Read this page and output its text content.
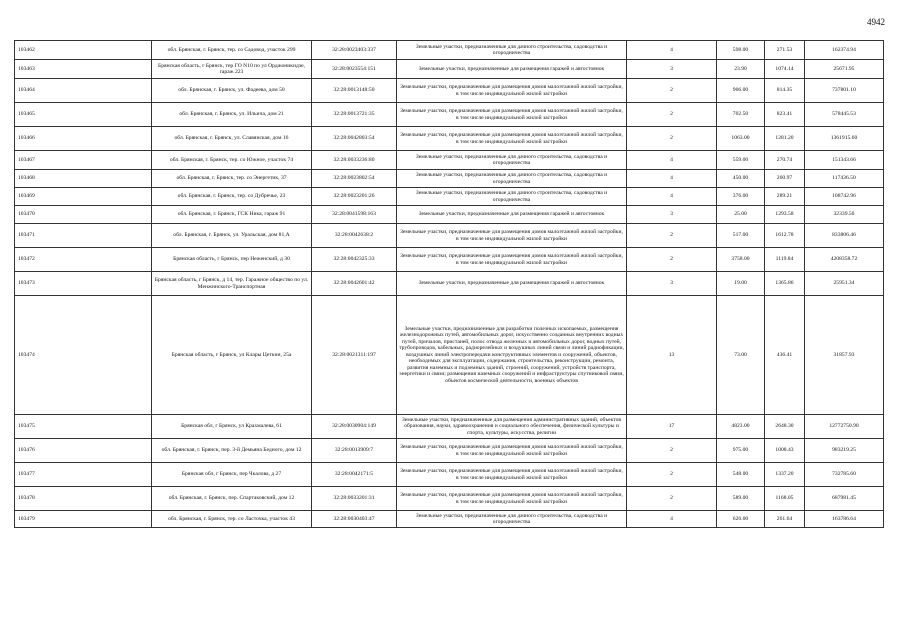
4942
103462	обл. Брянская, г. Брянск, тер. со Садовод, участок 299	32:28:0023403:337	Земельные участки, предназначенные для дачного строительства, садоводства и огородничества	4	598.00	271.53	162374.94
103463	Брянская область, г Брянск, тер ГО N10 по ул Орджоникидзе, гараж 223	32:28:0023554:151	Земельные участки, предназначенные для размещения гаражей и автостоянок	3	23.90	1074.14	25671.95
103464	обл. Брянская, г. Брянск, ул. Фадеева, дом 50	32:28:0013148:50	Земельные участки, предназначенные для размещения домов малоэтажной жилой застройки, в том числе индивидуальной жилой застройки	2	906.00	814.35	737801.10
103465	обл. Брянская, г. Брянск, ул. Ильича, дом 21	32:28:0013721:35	Земельные участки, предназначенные для размещения домов малоэтажной жилой застройки, в том числе индивидуальной жилой застройки	2	702.50	823.41	578445.53
103466	обл. Брянская, г. Брянск, ул. Славянская, дом 16	32:28:0042803:54	Земельные участки, предназначенные для размещения домов малоэтажной жилой застройки, в том числе индивидуальной жилой застройки	2	1063.00	1281.20	1361915.60
103467	обл. Брянская, г. Брянск, тер. со Южное, участок 74	32:28:0033236:80	Земельные участки, предназначенные для дачного строительства, садоводства и огородничества	4	559.00	270.74	151343.66
103468	обл. Брянская, г. Брянск, тер. со Энергетик, 37	32:28:0023802:54	Земельные участки, предназначенные для дачного строительства, садоводства и огородничества	4	450.00	260.97	117436.50
103469	обл. Брянская, г. Брянск, тер. со Дубречье, 23	32:28:0023201:26	Земельные участки, предназначенные для дачного строительства, садоводства и огородничества	4	376.00	289.21	108742.96
103470	обл. Брянская, г. Брянск, ГСК Ника, гараж 91	32:28:0041598:163	Земельные участки, предназначенные для размещения гаражей и автостоянок	3	25.00	1293.58	32339.50
103471	обл. Брянская, г. Брянск, ул. Уральская, дом 81,А	32:28:0042638:2	Земельные участки, предназначенные для размещения домов малоэтажной жилой застройки, в том числе индивидуальной жилой застройки	2	517.00	1612.78	833806.46
103472	Брянская область, г Брянск, пер Неженский, д 30	32:28:0042325:33	Земельные участки, предназначенные для размещения домов малоэтажной жилой застройки, в том числе индивидуальной жилой застройки	2	3758.00	1119.84	4208358.72
103473	Брянская область, г Брянск, д 14, тер. Гаражное общество по ул. Менжинского-Транспортная	32:28:0042601:42	Земельные участки, предназначенные для размещения гаражей и автостоянок	3	19.00	1365.86	25951.34
103474	Брянская область, г Брянск, ул Клары Цеткин, 25а	32:28:0021311:197	Земельные участки, предназначенные для разработки полезных ископаемых, размещения железнодорожных путей, автомобильных дорог, искусственно созданных внутренних водных путей, причалов, пристаней, полос отвода железных и автомобильных дорог, водных путей, трубопроводов, кабельных, радиорелейных и воздушных линий связи и линий радиофикации, воздушных линий электропередачи конструктивных элементов и сооружений, объектов, необходимых для эксплуатации, содержания, строительства, реконструкции, ремонта, развития наземных и подземных зданий, строений, сооружений, устройств транспорта, энергетики и связи; размещения наземных сооружений и инфраструктуры спутниковой связи, объектов космической деятельности, военных объектов	13	73.00	436.41	31857.93
103475	Брянская обл, г Брянск, ул Крахмалева, 61	32:28:0030904:149	Земельные участки, предназначенные для размещения административных зданий, объектов образования, науки, здравоохранения и социального обеспечения, физической культуры и спорта, культуры, искусства, религии	17	4823.00	2648.30	12772750.90
103476	обл. Брянская, г. Брянск, пер. 3-й Демьяна Бедного, дом 12	32:28:0013909:7	Земельные участки, предназначенные для размещения домов малоэтажной жилой застройки, в том числе индивидуальной жилой застройки	2	975.00	1008.43	983219.25
103477	Брянская обл, г Брянск, пер Чкалова, д 27	32:28:0042171:5	Земельные участки, предназначенные для размещения домов малоэтажной жилой застройки, в том числе индивидуальной жилой застройки	2	548.00	1337.20	732785.60
103478	обл. Брянская, г. Брянск, пер. Спартаковский, дом 12	32:28:0033201:31	Земельные участки, предназначенные для размещения домов малоэтажной жилой застройки, в том числе индивидуальной жилой застройки	2	589.00	1168.05	687981.45
103479	обл. Брянская, г. Брянск, тер. со Ласточка, участок 43	32:28:0030403:47	Земельные участки, предназначенные для дачного строительства, садоводства и огородничества	4	626.00	261.64	163786.64
